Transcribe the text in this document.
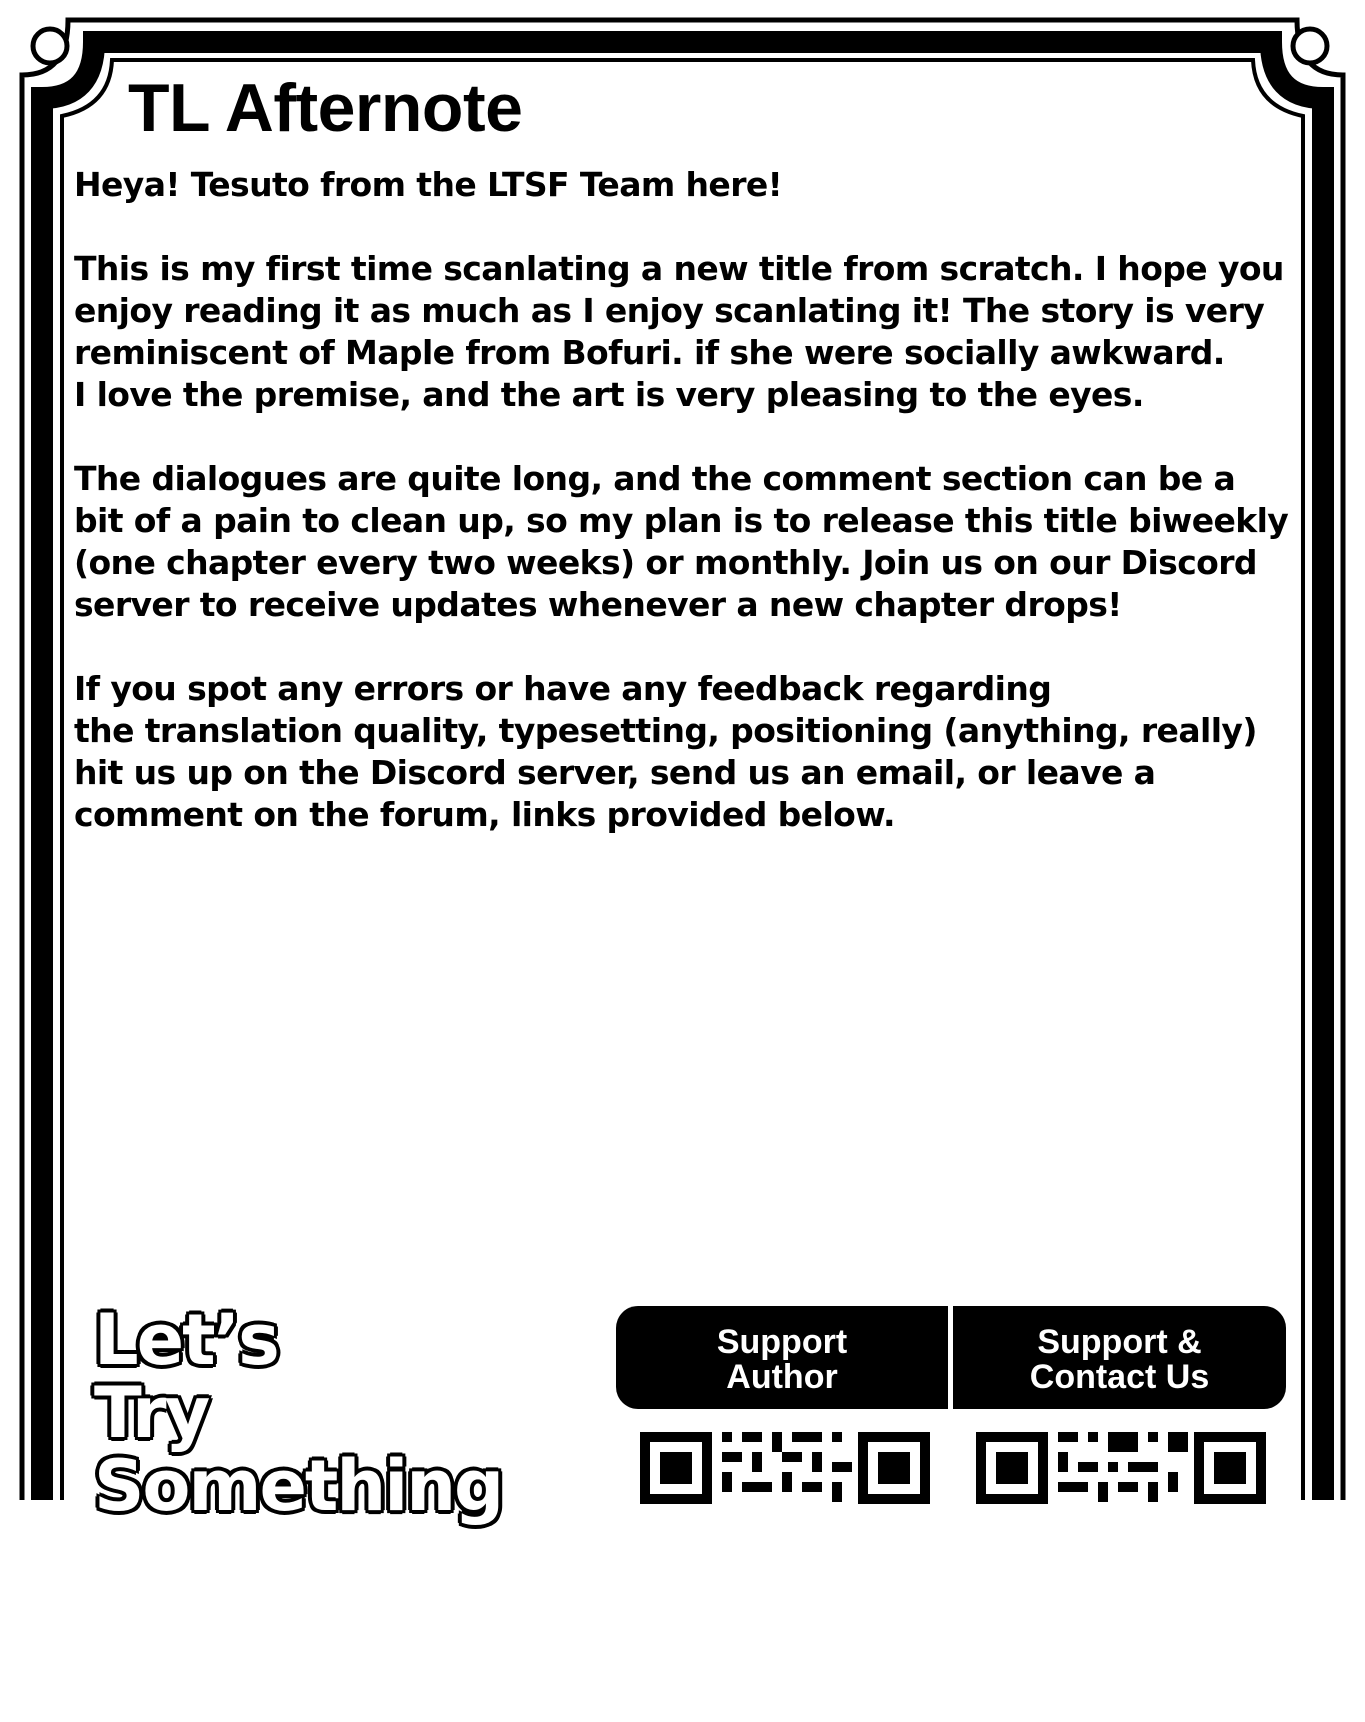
TL Afternote

Heya! Tesuto from the LTSF Team here!

This is my first time scanlating a new title from scratch. I hope you
enjoy reading it as much as I enjoy scanlating it! The story is very
reminiscent of Maple from Bofuri. if she were socially awkward.
I love the premise, and the art is very pleasing to the eyes.

The dialogues are quite long, and the comment section can be a
bit of a pain to clean up, so my plan is to release this title biweekly
(one chapter every two weeks) or monthly. Join us on our Discord
server to receive updates whenever a new chapter drops!

If you spot any errors or have any feedback regarding
the translation quality, typesetting, positioning (anything, really)
hit us up on the Discord server, send us an email, or leave a
comment on the forum, links provided below.

Let’s
Try
Something
Support
Author
Support &
Contact Us
